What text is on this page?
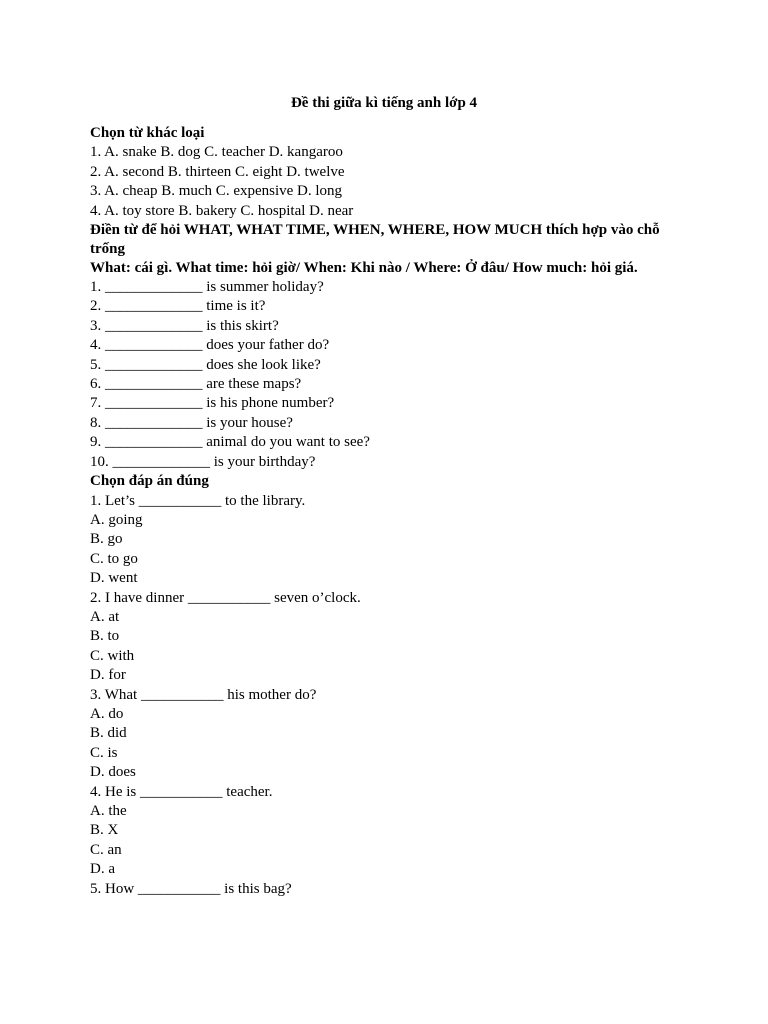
Đề thi giữa kì tiếng anh lớp 4
Chọn từ khác loại
1. A. snake B. dog C. teacher D. kangaroo
2. A. second B. thirteen C. eight D. twelve
3. A. cheap B. much C. expensive D. long
4. A. toy store B. bakery C. hospital D. near
Điền từ để hỏi WHAT, WHAT TIME, WHEN, WHERE, HOW MUCH thích hợp vào chỗ trống
What: cái gì. What time: hỏi giờ/ When: Khi nào / Where: Ở đâu/ How much: hỏi giá.
1. _____________ is summer holiday?
2. _____________ time is it?
3. _____________ is this skirt?
4. _____________ does your father do?
5. _____________ does she look like?
6. _____________ are these maps?
7. _____________ is his phone number?
8. _____________ is your house?
9. _____________ animal do you want to see?
10. _____________ is your birthday?
Chọn đáp án đúng
1. Let’s ___________ to the library.
A. going
B. go
C. to go
D. went
2. I have dinner ___________ seven o’clock.
A. at
B. to
C. with
D. for
3. What ___________ his mother do?
A. do
B. did
C. is
D. does
4. He is ___________ teacher.
A. the
B. X
C. an
D. a
5. How ___________ is this bag?
